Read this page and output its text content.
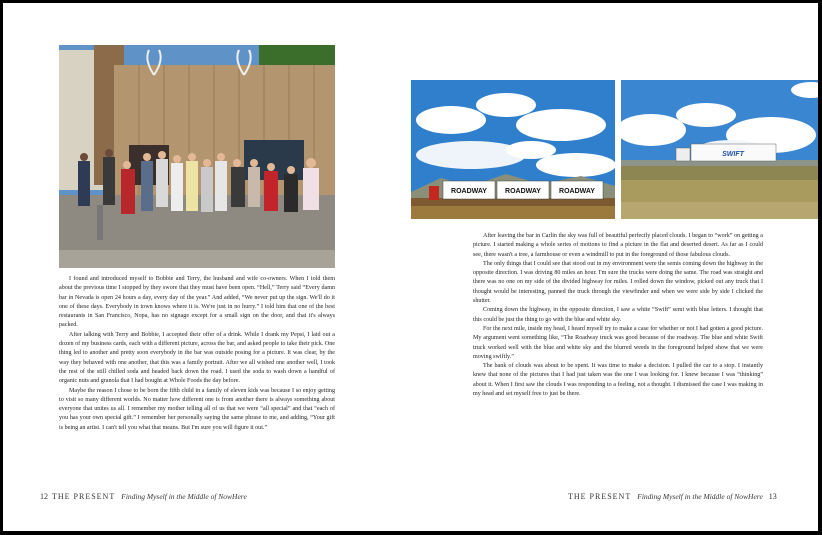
I found and introduced myself to Bobbie and Terry, the husband and wife co-owners. When I told them about the previous time I stopped by they swore that they must have been open. “Hell,” Terry said “Every damn bar in Nevada is open 24 hours a day, every day of the year.” And added, “We never put up the sign. We'll do it one of these days. Everybody in town knows where it is. We're just in no hurry.” I told him that one of the best restaurants in San Francisco, Nopa, has no signage except for a small sign on the door, and that it's always packed.

After talking with Terry and Bobbie, I accepted their offer of a drink. While I drank my Pepsi, I laid out a dozen of my business cards, each with a different picture, across the bar, and asked people to take their pick. One thing led to another and pretty soon everybody in the bar was outside posing for a picture. It was clear, by the way they behaved with one another, that this was a family portrait. After we all wished one another well, I took the rest of the still chilled soda and headed back down the road. I used the soda to wash down a handful of organic nuts and granola that I had bought at Whole Foods the day before.

Maybe the reason I chose to be born the fifth child in a family of eleven kids was because I so enjoy getting to visit so many different worlds. No matter how different one is from another there is always something about everyone that unites us all. I remember my mother telling all of us that we were “all special” and that “each of you has your own special gift.” I remember her personally saying the same phrase to me, and adding, “Your gift is being an artist. I can't tell you what that means. But I'm sure you will figure it out.”

12 THE PRESENT Finding Myself in the Middle of NowHere
ROADWAY	ROADWAY	ROADWAY
SWIFT

After leaving the bar in Carlin the sky was full of beautiful perfectly placed clouds. I began to “work” on getting a picture. I started making a whole series of motions to find a picture in the flat and deserted desert. As far as I could see, there wasn't a tree, a farmhouse or even a windmill to put in the foreground of those fabulous clouds.

The only things that I could see that stood out in my environment were the semis coming down the highway in the opposite direction. I was driving 80 miles an hour. I'm sure the trucks were doing the same. The road was straight and there was no one on my side of the divided highway for miles. I rolled down the window, picked out any truck that I thought would be interesting, panned the truck through the viewfinder and when we were side by side I clicked the shutter.

Coming down the highway, in the opposite direction, I saw a white “Swift” semi with blue letters. I thought that this could be just the thing to go with the blue and white sky.

For the next mile, inside my head, I heard myself try to make a case for whether or not I had gotten a good picture. My argument went something like, “The Roadway truck was good because of the roadway. The blue and white Swift truck worked well with the blue and white sky and the blurred weeds in the foreground helped show that we were moving swiftly.”

The bank of clouds was about to be spent. It was time to make a decision. I pulled the car to a stop. I instantly knew that none of the pictures that I had just taken was the one I was looking for. I knew because I was “thinking” about it. When I first saw the clouds I was responding to a feeling, not a thought. I dismissed the case I was making in my head and set myself free to just be there.

THE PRESENT Finding Myself in the Middle of NowHere 13
